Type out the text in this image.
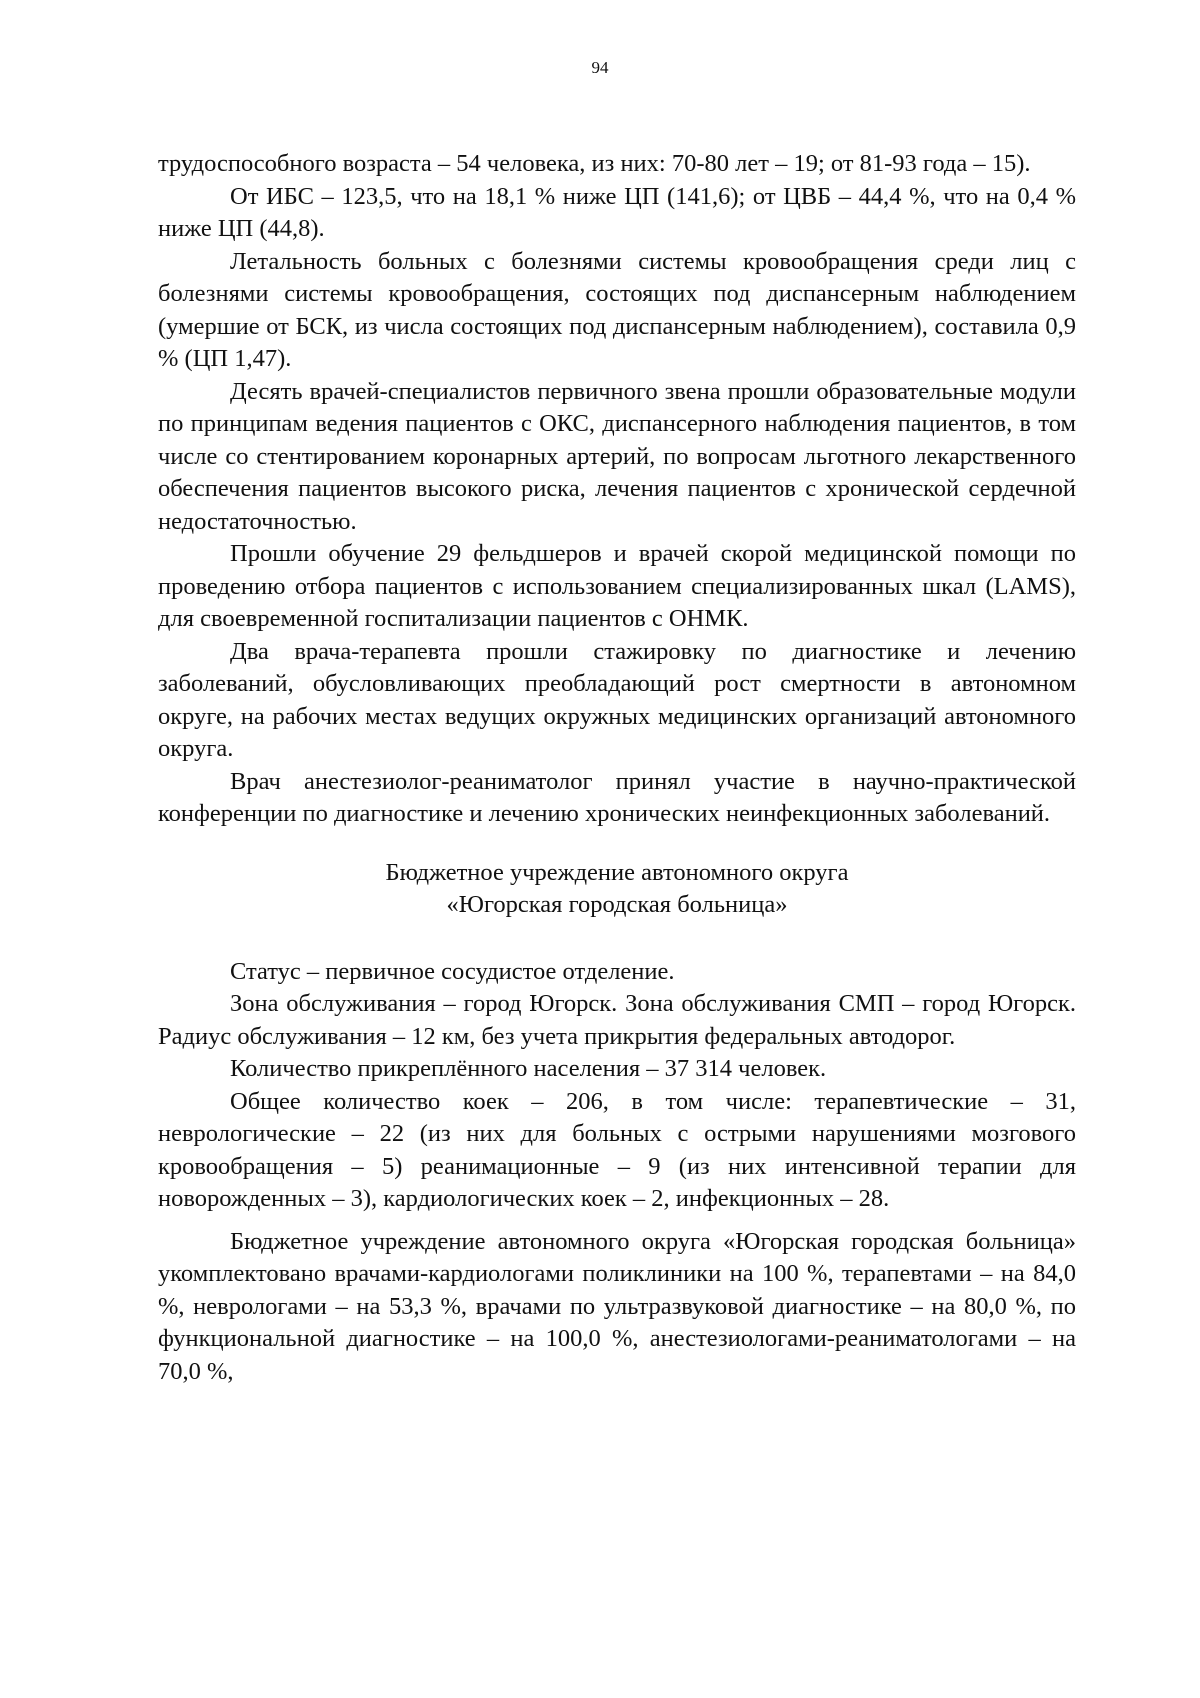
94

трудоспособного возраста – 54 человека, из них: 70-80 лет – 19; от 81-93 года – 15).

От ИБС – 123,5, что на 18,1 % ниже ЦП (141,6); от ЦВБ – 44,4 %, что на 0,4 % ниже ЦП (44,8).

Летальность больных с болезнями системы кровообращения среди лиц с болезнями системы кровообращения, состоящих под диспансерным наблюдением (умершие от БСК, из числа состоящих под диспансерным наблюдением), составила 0,9 % (ЦП 1,47).

Десять врачей-специалистов первичного звена прошли образовательные модули по принципам ведения пациентов с ОКС, диспансерного наблюдения пациентов, в том числе со стентированием коронарных артерий, по вопросам льготного лекарственного обеспечения пациентов высокого риска, лечения пациентов с хронической сердечной недостаточностью.

Прошли обучение 29 фельдшеров и врачей скорой медицинской помощи по проведению отбора пациентов с использованием специализированных шкал (LAMS), для своевременной госпитализации пациентов с ОНМК.

Два врача-терапевта прошли стажировку по диагностике и лечению заболеваний, обусловливающих преобладающий рост смертности в автономном округе, на рабочих местах ведущих окружных медицинских организаций автономного округа.

Врач анестезиолог-реаниматолог принял участие в научно-практической конференции по диагностике и лечению хронических неинфекционных заболеваний.

Бюджетное учреждение автономного округа

«Югорская городская больница»

Статус – первичное сосудистое отделение.

Зона обслуживания – город Югорск. Зона обслуживания СМП – город Югорск. Радиус обслуживания – 12 км, без учета прикрытия федеральных автодорог.

Количество прикреплённого населения – 37 314 человек.

Общее количество коек – 206, в том числе: терапевтические – 31, неврологические – 22 (из них для больных с острыми нарушениями мозгового кровообращения – 5) реанимационные – 9 (из них интенсивной терапии для новорожденных – 3), кардиологических коек – 2, инфекционных – 28.

Бюджетное учреждение автономного округа «Югорская городская больница» укомплектовано врачами-кардиологами поликлиники на 100 %, терапевтами – на 84,0 %, неврологами – на 53,3 %, врачами по ультразвуковой диагностике – на 80,0 %, по функциональной диагностике – на 100,0 %, анестезиологами-реаниматологами – на 70,0 %,
